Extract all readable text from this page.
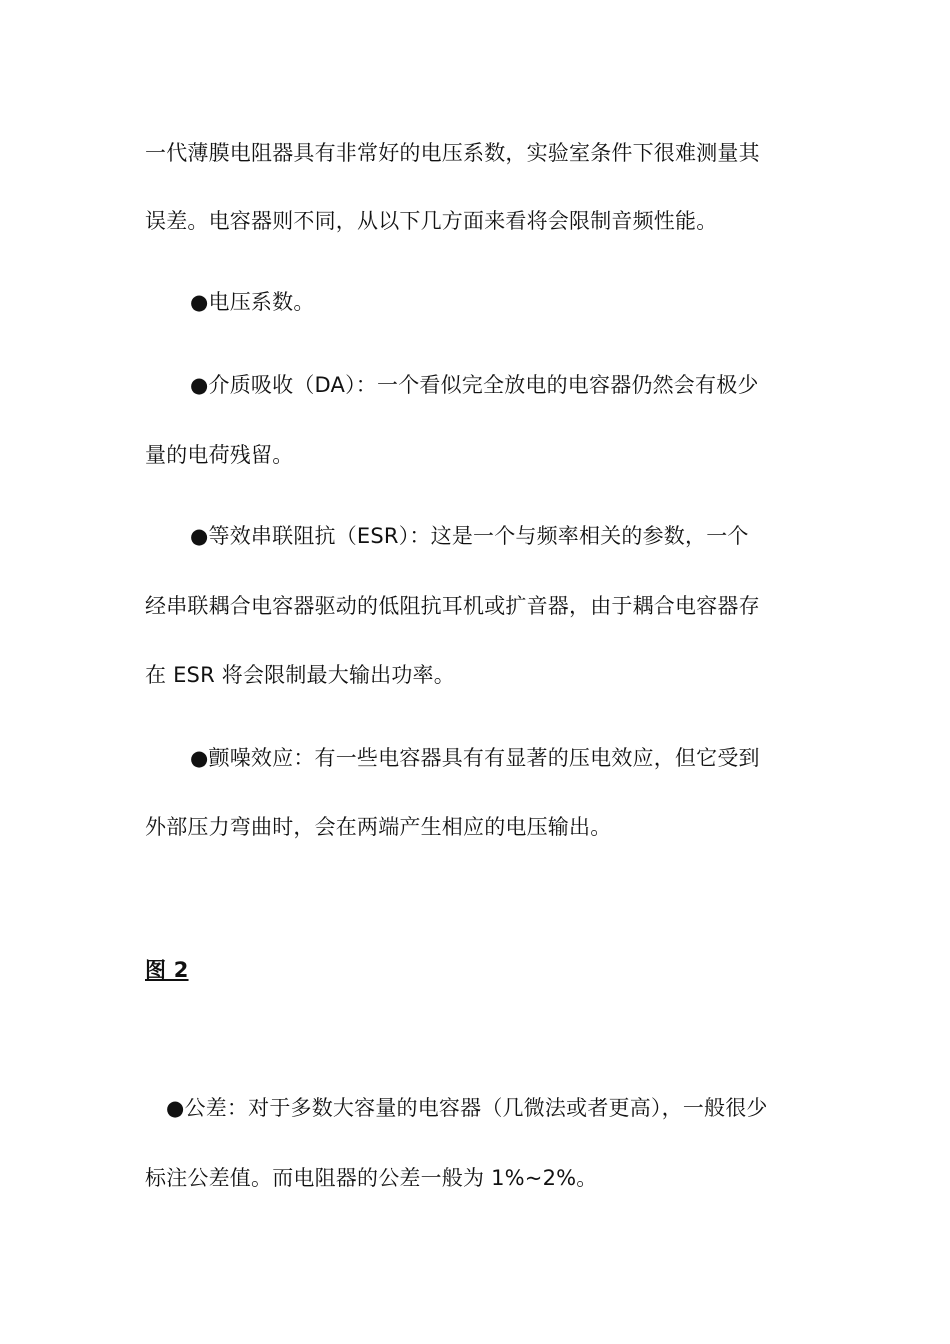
一代薄膜电阻器具有非常好的电压系数，实验室条件下很难测量其
误差。电容器则不同，从以下几方面来看将会限制音频性能。
●电压系数。
●介质吸收（DA）：一个看似完全放电的电容器仍然会有极少
量的电荷残留。
●等效串联阻抗（ESR）：这是一个与频率相关的参数，一个
经串联耦合电容器驱动的低阻抗耳机或扩音器，由于耦合电容器存
在 ESR 将会限制最大输出功率。
●颤噪效应：有一些电容器具有有显著的压电效应，但它受到
外部压力弯曲时，会在两端产生相应的电压输出。
图 2
●公差：对于多数大容量的电容器（几微法或者更高），一般很少
标注公差值。而电阻器的公差一般为 1%~2%。
